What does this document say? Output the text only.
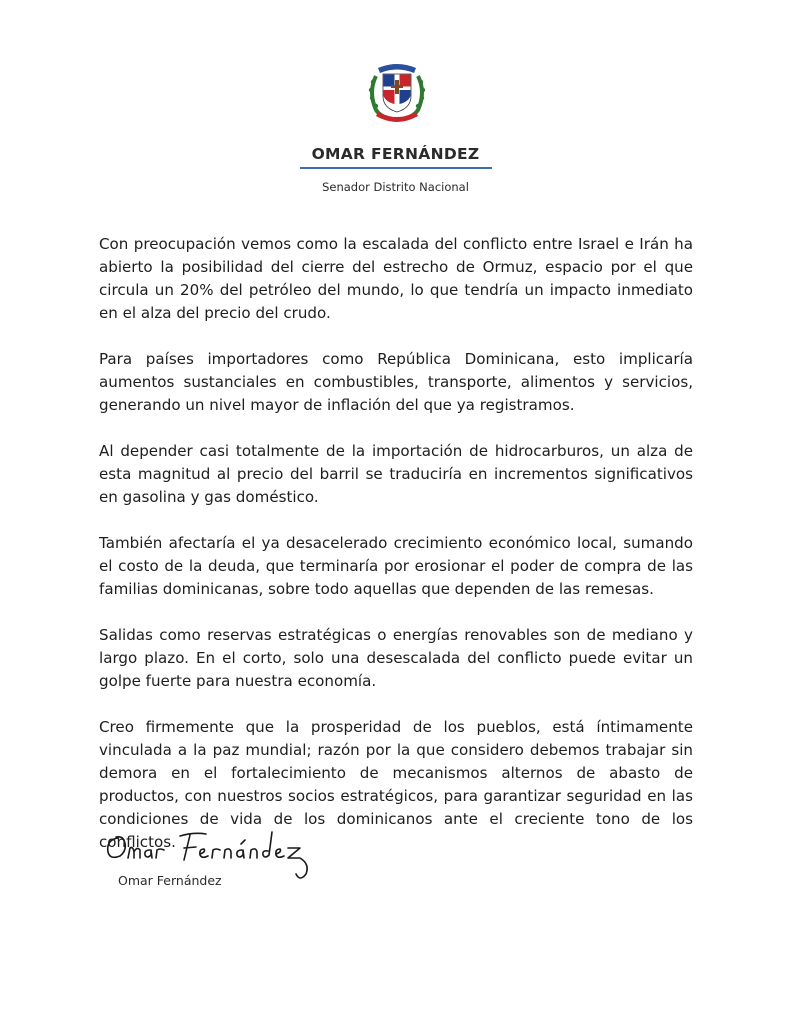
OMAR FERNÁNDEZ
Senador Distrito Nacional

Con preocupación vemos como la escalada del conflicto entre Israel e Irán ha abierto la posibilidad del cierre del estrecho de Ormuz, espacio por el que circula un 20% del petróleo del mundo, lo que tendría un impacto inmediato en el alza del precio del crudo.

Para países importadores como República Dominicana, esto implicaría aumentos sustanciales en combustibles, transporte, alimentos y servicios, generando un nivel mayor de inflación del que ya registramos.

Al depender casi totalmente de la importación de hidrocarburos, un alza de esta magnitud al precio del barril se traduciría en incrementos significativos en gasolina y gas doméstico.

También afectaría el ya desacelerado crecimiento económico local, sumando el costo de la deuda, que terminaría por erosionar el poder de compra de las familias dominicanas, sobre todo aquellas que dependen de las remesas.

Salidas como reservas estratégicas o energías renovables son de mediano y largo plazo. En el corto, solo una desescalada del conflicto puede evitar un golpe fuerte para nuestra economía.

Creo firmemente que la prosperidad de los pueblos, está íntimamente vinculada a la paz mundial; razón por la que considero debemos trabajar sin demora en el fortalecimiento de mecanismos alternos de abasto de productos, con nuestros socios estratégicos, para garantizar seguridad en las condiciones de vida de los dominicanos ante el creciente tono de los conflictos.

Omar Fernández
